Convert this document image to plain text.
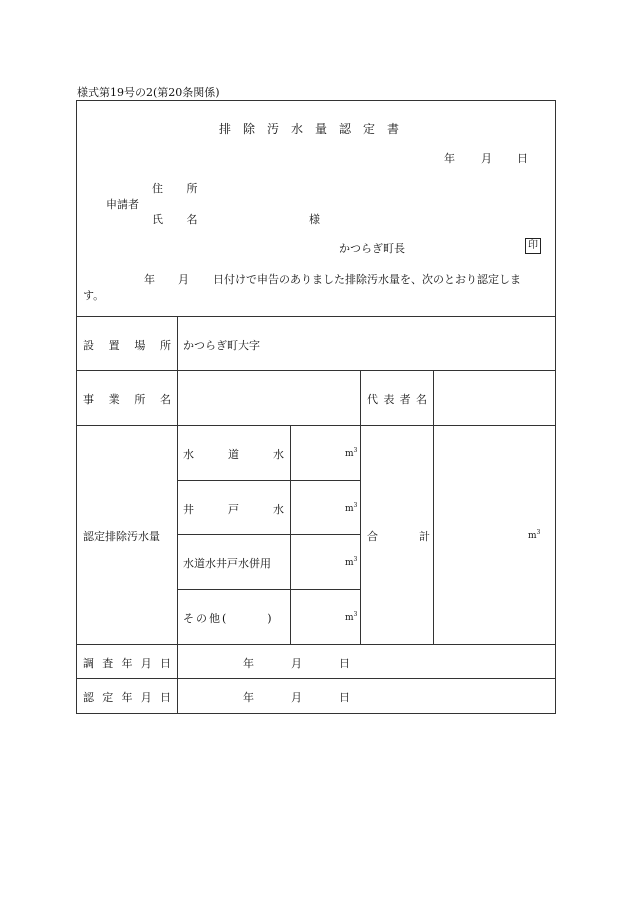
様式第19号の2(第20条関係)
排除汚水量認定書
年 月 日
住 所
申請者
氏 名	様
かつらぎ町長	印
年 月 日付けで申告のありました排除汚水量を、次のとおり認定しま
す。
設置場所 かつらぎ町大字
事業所名	代表者名
認定排除汚水量
水道水	$m^3$
井戸水	$m^3$
水道水井戸水併用	$m^3$
その他(　　　)	$m^3$
合	計	$m^3$
調査年月日	年	月	日
認定年月日	年	月	日
